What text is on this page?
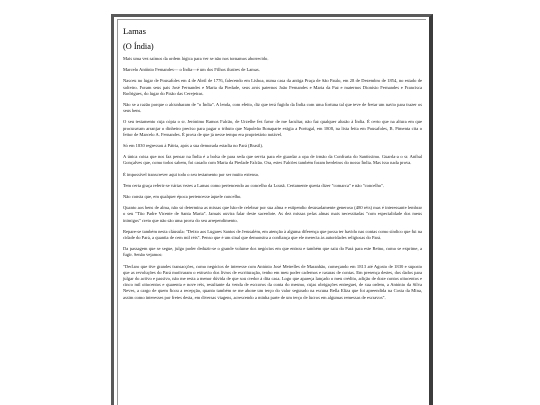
Lamas
(O Índia)

Mais uma vez saímos da ordem lógica para ver se não nos tornamos aborrecido.

Marcelo Antônio Fernandes— o Índia—é um dos Filhos ilustres de Lamas.

Nasceu no lugar de Pousafoles em 4 de Abril de 1776, falecendo em Lisboa, numa casa da antiga Praça de São Paulo, em 28 de Dezembro de 1854, no estado de solteiro. Foram seus pais José Fernandes e Maria da Piedade, seus avós paternos João Fernandes e Maria da Paz e maternos Dionísio Fernandes e Francisca Rodrigues, do lugar do Pisão das Cerejeiras.

Não se a razão porque o alcunharam de "o Índia". A lenda, com efeito, diz que terá fugido da Índia com uma fortuna tal que teve de fretar um navio para trazer os seus bens.

O seu testamento cuja cópia o sr. Jerónimo Ramos Falcão, de Urzelhe fez favor de me facultar, não faz qualquer alusão à Índia. É certo que na altura em que procuravam arranjar o dinheiro preciso para pagar o tributo que Napoleão Bonaparte exigia a Portugal, em 1808, na lista feita em Pousafoles, B. Pimenta cita o feitor de Marcelo A. Fernandes. É prova de que já nesse tempo era proprietário notável.

Só em 1830 regressou à Pátria, após a sua demorada estadia no Pará (Brasil).

A única coisa que nos faz pensar na Índia é a bolsa de para seda que servia para ele guardar a opa de irmão da Confraria do Santíssimo. Guarda-a o sr. Aníbal Gonçalves que, como todos sabem, foi casado com Maria da Piedade Falcão. Ora, estes Falcões também foram herdeiros do nosso Índia. Mas isso nada prova.

É impossível transcrever aqui todo o seu testamento por ser muito extenso.

Tem certa graça referir-se várias vezes a Lamas como pertencendo ao concelho da Lousã. Certamente queria dizer "comarca" e não "concelho".

Não consta que, em qualquer época pertencesse àquele concelho.

Quanto aos bens de alma, não só determina as missas que hão-de celebrar por sua alma e estipendio desusadamente generoso (480 réis) mas é interessante lembrar o seu "Tiio Padre Vicente de Santa Maria". Jamais ouvira falar deste sacerdote. As dez missas pelas almas mais necessitadas "com especialidade dos meus inimigos" creio que não são uma prova do seu arrependimento.

Repare-se também nesta cláusula: "Deixo aos Lugares Santos de Jerusalém, em atenção à alguma diferença que possa ter havido nas contas como síndico que fui na cidade do Pará, a quantia de cem mil réis". Penso que é um sinal que demonstra a confiança que ele merecia às autoridades religiosas do Pará.

Da passagem que se segue, julgo poder deduzir-se o grande volume dos negócios em que entrou e também que saiu do Pará para este Reino, como se exprime, a fugir. Senão vejamos:

"Declaro que tive grandes transacções, como negócios de interesse com António José Meirelles de Maranhão, começando em 1813 até Agosto de 1830 e suposto que as revoluções do Pará motivaram o extravio dos livros de escrituração, tenho em meu poder cadernos e rasuras de contas. Em presença destes, dos dados para julgar do activo e passivo, não me resta a menor dúvida de que sou credor à dita casa. Logo que apareça lançado o meu crédito, adição de doze contos oitocentos e cinco mil oitocentos e quarenta e nove réis, resultante da venda de escravos da conta do mesmo, cujas obrigações entreguei, de sua ordem, a António da Silva Neves, a cargo de quem ficou a recepção, quanto também se me abone um terço do valor segurado na escuna Bella Eliza que foi apreendida na Costa da Mina, assim como interesses por fretes desta, em diversas viagens, acrescendo a minha parte de um terço de lucros em algumas remessas de escravos".
